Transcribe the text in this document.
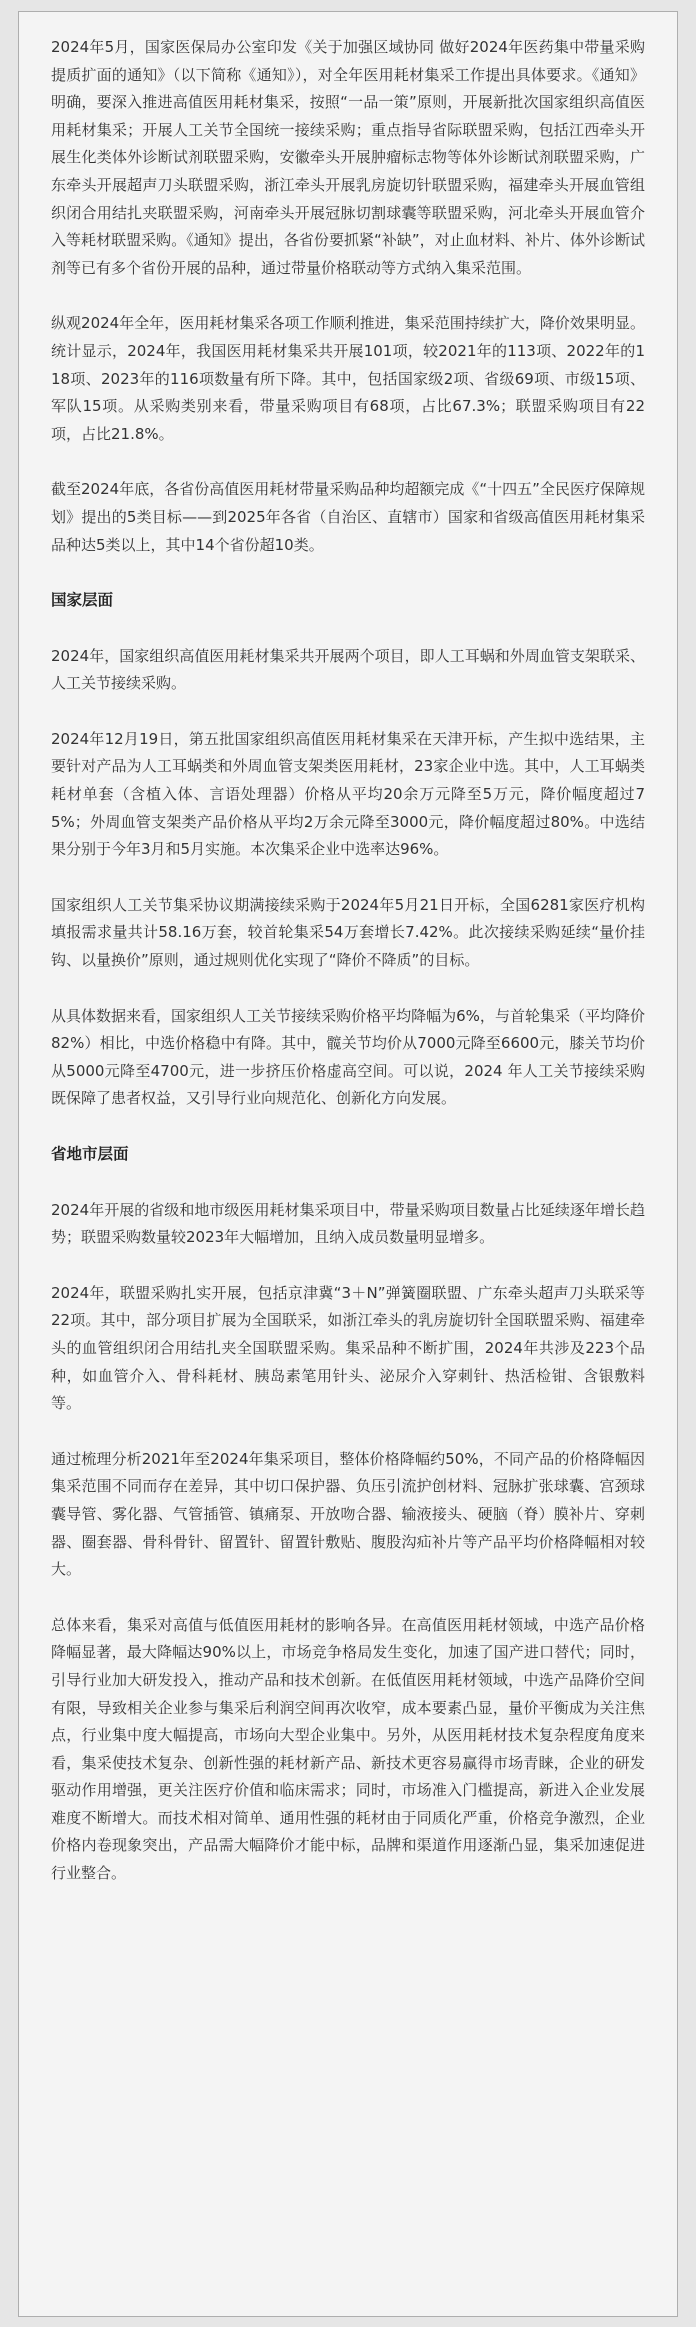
2024年5月，国家医保局办公室印发《关于加强区域协同 做好2024年医药集中带量采购提质扩面的通知》（以下简称《通知》），对全年医用耗材集采工作提出具体要求。《通知》明确，要深入推进高值医用耗材集采，按照“一品一策”原则，开展新批次国家组织高值医用耗材集采；开展人工关节全国统一接续采购；重点指导省际联盟采购，包括江西牵头开展生化类体外诊断试剂联盟采购，安徽牵头开展肿瘤标志物等体外诊断试剂联盟采购，广东牵头开展超声刀头联盟采购，浙江牵头开展乳房旋切针联盟采购，福建牵头开展血管组织闭合用结扎夹联盟采购，河南牵头开展冠脉切割球囊等联盟采购，河北牵头开展血管介入等耗材联盟采购。《通知》提出，各省份要抓紧“补缺”，对止血材料、补片、体外诊断试剂等已有多个省份开展的品种，通过带量价格联动等方式纳入集采范围。

纵观2024年全年，医用耗材集采各项工作顺利推进，集采范围持续扩大，降价效果明显。统计显示，2024年，我国医用耗材集采共开展101项，较2021年的113项、2022年的118项、2023年的116项数量有所下降。其中，包括国家级2项、省级69项、市级15项、军队15项。从采购类别来看，带量采购项目有68项，占比67.3%；联盟采购项目有22项，占比21.8%。

截至2024年底，各省份高值医用耗材带量采购品种均超额完成《“十四五”全民医疗保障规划》提出的5类目标——到2025年各省（自治区、直辖市）国家和省级高值医用耗材集采品种达5类以上，其中14个省份超10类。

国家层面

2024年，国家组织高值医用耗材集采共开展两个项目，即人工耳蜗和外周血管支架联采、人工关节接续采购。

2024年12月19日，第五批国家组织高值医用耗材集采在天津开标，产生拟中选结果，主要针对产品为人工耳蜗类和外周血管支架类医用耗材，23家企业中选。其中，人工耳蜗类耗材单套（含植入体、言语处理器）价格从平均20余万元降至5万元，降价幅度超过75%；外周血管支架类产品价格从平均2万余元降至3000元，降价幅度超过80%。中选结果分别于今年3月和5月实施。本次集采企业中选率达96%。

国家组织人工关节集采协议期满接续采购于2024年5月21日开标，全国6281家医疗机构填报需求量共计58.16万套，较首轮集采54万套增长7.42%。此次接续采购延续“量价挂钩、以量换价”原则，通过规则优化实现了“降价不降质”的目标。

从具体数据来看，国家组织人工关节接续采购价格平均降幅为6%，与首轮集采（平均降价82%）相比，中选价格稳中有降。其中，髋关节均价从7000元降至6600元，膝关节均价从5000元降至4700元，进一步挤压价格虚高空间。可以说，2024 年人工关节接续采购既保障了患者权益，又引导行业向规范化、创新化方向发展。

省地市层面

2024年开展的省级和地市级医用耗材集采项目中，带量采购项目数量占比延续逐年增长趋势；联盟采购数量较2023年大幅增加，且纳入成员数量明显增多。

2024年，联盟采购扎实开展，包括京津冀“3＋N”弹簧圈联盟、广东牵头超声刀头联采等22项。其中，部分项目扩展为全国联采，如浙江牵头的乳房旋切针全国联盟采购、福建牵头的血管组织闭合用结扎夹全国联盟采购。集采品种不断扩围，2024年共涉及223个品种，如血管介入、骨科耗材、胰岛素笔用针头、泌尿介入穿刺针、热活检钳、含银敷料等。

通过梳理分析2021年至2024年集采项目，整体价格降幅约50%，不同产品的价格降幅因集采范围不同而存在差异，其中切口保护器、负压引流护创材料、冠脉扩张球囊、宫颈球囊导管、雾化器、气管插管、镇痛泵、开放吻合器、输液接头、硬脑（脊）膜补片、穿刺器、圈套器、骨科骨针、留置针、留置针敷贴、腹股沟疝补片等产品平均价格降幅相对较大。

总体来看，集采对高值与低值医用耗材的影响各异。在高值医用耗材领域，中选产品价格降幅显著，最大降幅达90%以上，市场竞争格局发生变化，加速了国产进口替代；同时，引导行业加大研发投入，推动产品和技术创新。在低值医用耗材领域，中选产品降价空间有限，导致相关企业参与集采后利润空间再次收窄，成本要素凸显，量价平衡成为关注焦点，行业集中度大幅提高，市场向大型企业集中。另外，从医用耗材技术复杂程度角度来看，集采使技术复杂、创新性强的耗材新产品、新技术更容易赢得市场青睐，企业的研发驱动作用增强，更关注医疗价值和临床需求；同时，市场准入门槛提高，新进入企业发展难度不断增大。而技术相对简单、通用性强的耗材由于同质化严重，价格竞争激烈，企业价格内卷现象突出，产品需大幅降价才能中标，品牌和渠道作用逐渐凸显，集采加速促进行业整合。
